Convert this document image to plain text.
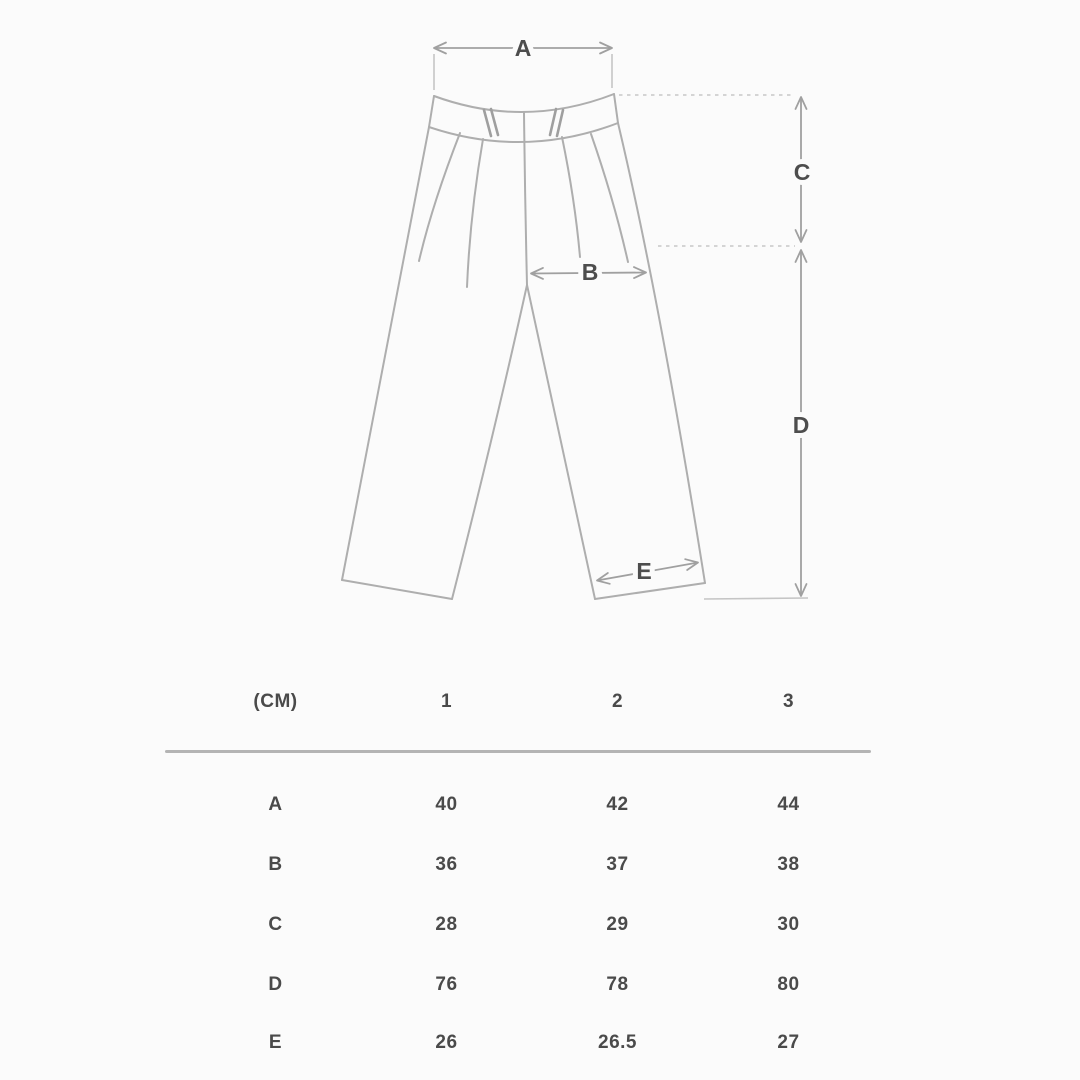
A
B
C
D
E
(CM)	1	2	3
A	40	42	44
B	36	37	38
C	28	29	30
D	76	78	80
E	26	26.5	27
